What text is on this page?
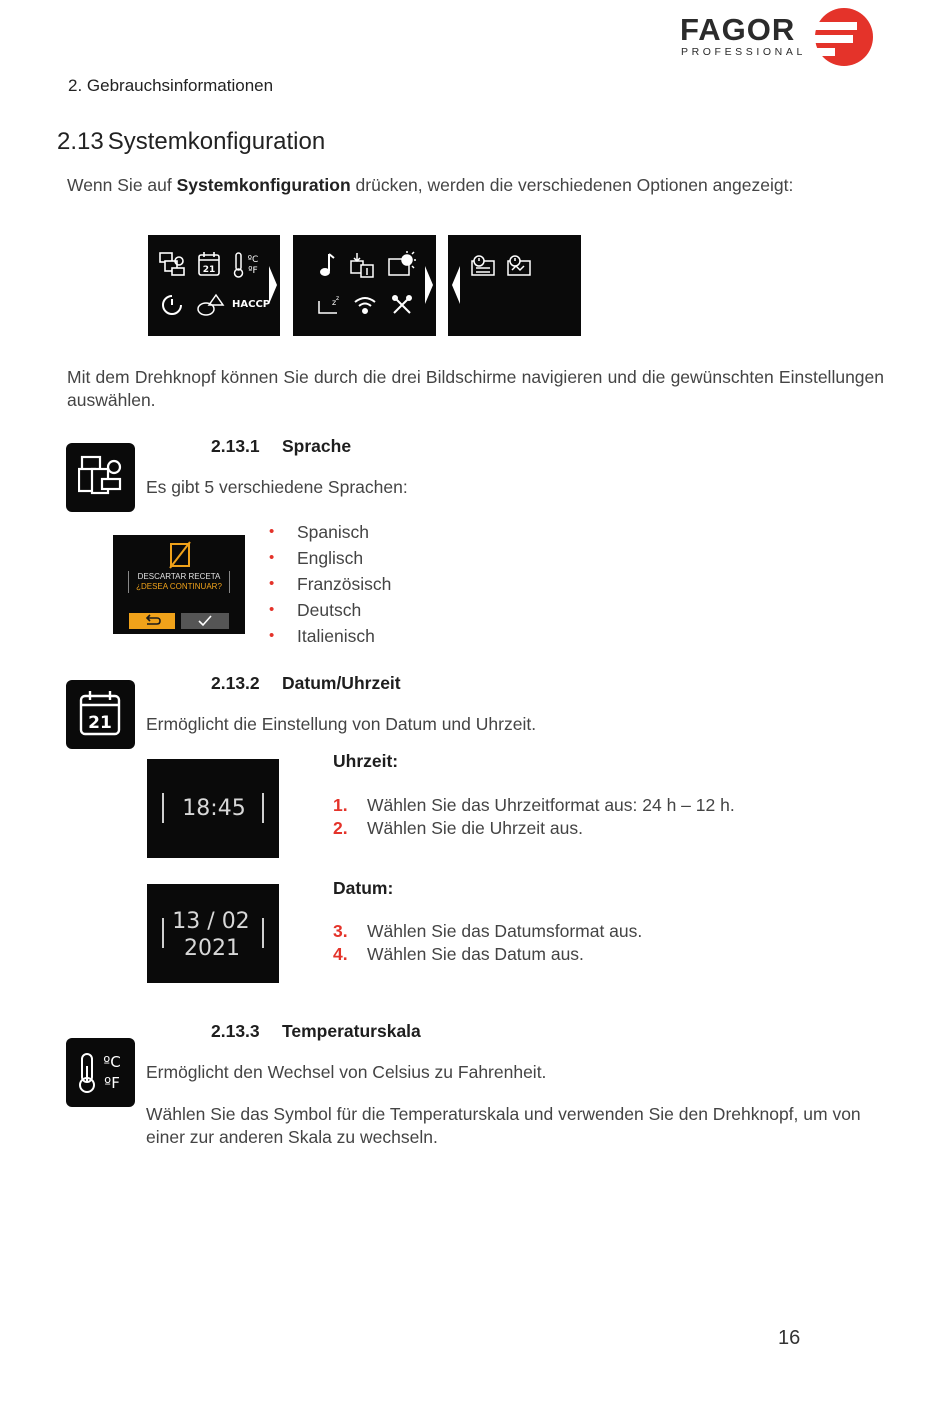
FAGOR
PROFESSIONAL
2. Gebrauchsinformationen
2.13 Systemkonfiguration
Wenn Sie auf Systemkonfiguration drücken, werden die verschiedenen Optionen angezeigt:
21
ºC
ºF
HACCP	z z
Mit dem Drehknopf können Sie durch die drei Bildschirme navigieren und die gewünschten Einstellungen auswählen.
2.13.1 Sprache
Es gibt 5 verschiedene Sprachen:
DESCARTAR RECETA
¿DESEA CONTINUAR?
• Spanisch
• Englisch
• Französisch
• Deutsch
• Italienisch
21
2.13.2 Datum/Uhrzeit
Ermöglicht die Einstellung von Datum und Uhrzeit.
18:45
Uhrzeit:
1. Wählen Sie das Uhrzeitformat aus: 24 h – 12 h.
2. Wählen Sie die Uhrzeit aus.
13 / 02
2021
Datum:
3. Wählen Sie das Datumsformat aus.
4. Wählen Sie das Datum aus.
ºC
ºF
2.13.3 Temperaturskala
Ermöglicht den Wechsel von Celsius zu Fahrenheit.
Wählen Sie das Symbol für die Temperaturskala und verwenden Sie den Drehknopf, um von einer zur anderen Skala zu wechseln.
16
